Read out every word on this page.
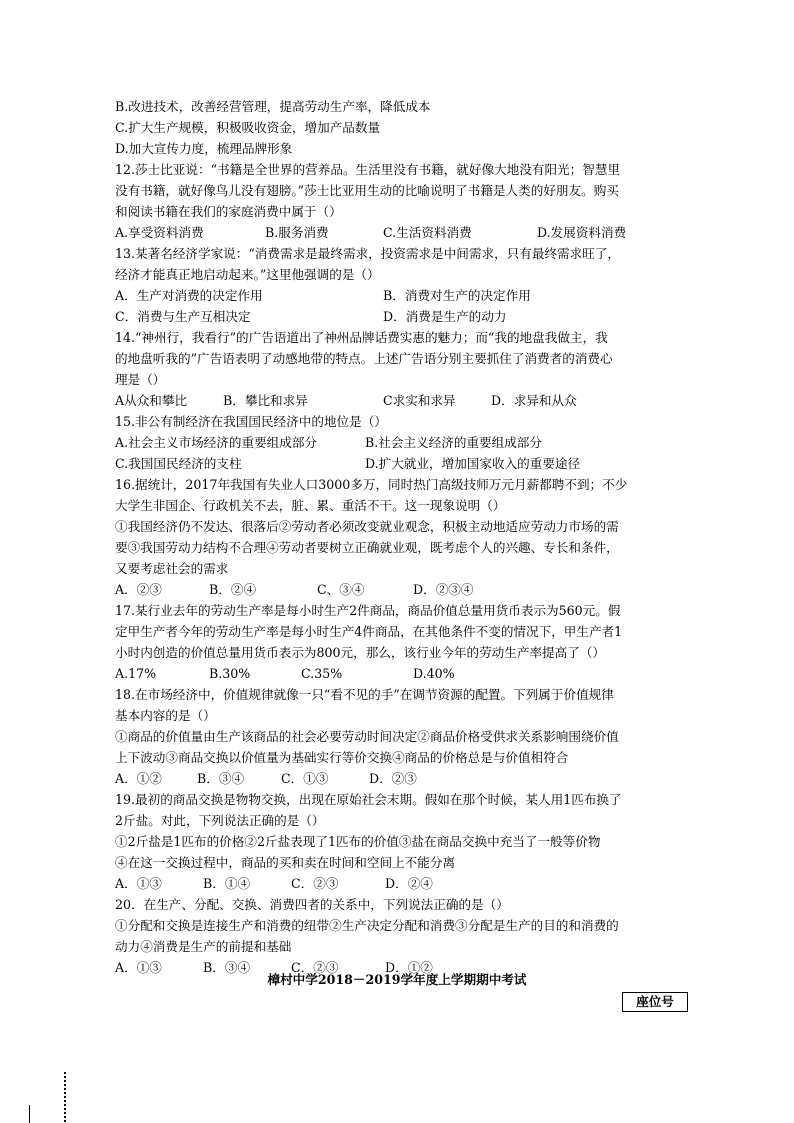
B.改进技术，改善经营管理，提高劳动生产率，降低成本
C.扩大生产规模，积极吸收资金，增加产品数量
D.加大宣传力度，梳理品牌形象
12.莎士比亚说：“书籍是全世界的营养品。生活里没有书籍，就好像大地没有阳光；智慧里
没有书籍，就好像鸟儿没有翅膀。”莎士比亚用生动的比喻说明了书籍是人类的好朋友。购买
和阅读书籍在我们的家庭消费中属于（）
A.享受资料消费	B.服务消费	C.生活资料消费	D.发展资料消费
13.某著名经济学家说：“消费需求是最终需求，投资需求是中间需求，只有最终需求旺了，
经济才能真正地启动起来。”这里他强调的是（）
A．生产对消费的决定作用	B．消费对生产的决定作用
C．消费与生产互相决定	D．消费是生产的动力
14.“神州行，我看行”的广告语道出了神州品牌话费实惠的魅力；而“我的地盘我做主，我
的地盘听我的”广告语表明了动感地带的特点。上述广告语分别主要抓住了消费者的消费心
理是（）
A从众和攀比	B．攀比和求异	C求实和求异	D．求异和从众
15.非公有制经济在我国国民经济中的地位是（）
A.社会主义市场经济的重要组成部分	B.社会主义经济的重要组成部分
C.我国国民经济的支柱	D.扩大就业，增加国家收入的重要途径
16.据统计，2017年我国有失业人口3000多万，同时热门高级技师万元月薪都聘不到；不少
大学生非国企、行政机关不去，脏、累、重活不干。这一现象说明（）
①我国经济仍不发达、很落后②劳动者必须改变就业观念，积极主动地适应劳动力市场的需
要③我国劳动力结构不合理④劳动者要树立正确就业观，既考虑个人的兴趣、专长和条件，
又要考虑社会的需求
A．②③	B．②④	C、③④	D．②③④
17.某行业去年的劳动生产率是每小时生产2件商品，商品价值总量用货币表示为560元。假
定甲生产者今年的劳动生产率是每小时生产4件商品，在其他条件不变的情况下，甲生产者1
小时内创造的价值总量用货币表示为800元，那么，该行业今年的劳动生产率提高了（）
A.17%	B.30%	C.35%	D.40%
18.在市场经济中，价值规律就像一只“看不见的手”在调节资源的配置。下列属于价值规律
基本内容的是（）
①商品的价值量由生产该商品的社会必要劳动时间决定②商品价格受供求关系影响围绕价值
上下波动③商品交换以价值量为基础实行等价交换④商品的价格总是与价值相符合
A．①②	B．③④	C．①③	D．②③
19.最初的商品交换是物物交换，出现在原始社会末期。假如在那个时候，某人用1匹布换了
2斤盐。对此，下列说法正确的是（）
①2斤盐是1匹布的价格②2斤盐表现了1匹布的价值③盐在商品交换中充当了一般等价物
④在这一交换过程中，商品的买和卖在时间和空间上不能分离
A．①③	B．①④	C．②③	D．②④
20．在生产、分配、交换、消费四者的关系中，下列说法正确的是（）
①分配和交换是连接生产和消费的纽带②生产决定分配和消费③分配是生产的目的和消费的
动力④消费是生产的前提和基础
A．①③	B．③④	C．②③	D．①②
樟村中学2018－2019学年度上学期期中考试
座位号
